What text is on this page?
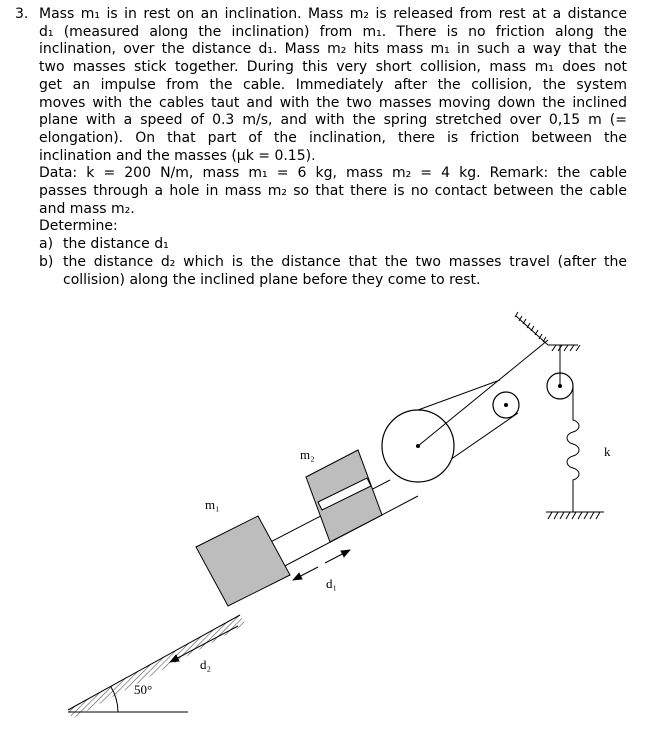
3. Mass m₁ is in rest on an inclination. Mass m₂ is released from rest at a distance
d₁ (measured along the inclination) from m₁. There is no friction along the
inclination, over the distance d₁. Mass m₂ hits mass m₁ in such a way that the
two masses stick together. During this very short collision, mass m₁ does not
get an impulse from the cable. Immediately after the collision, the system
moves with the cables taut and with the two masses moving down the inclined
plane with a speed of 0.3 m/s, and with the spring stretched over 0,15 m (=
elongation). On that part of the inclination, there is friction between the
inclination and the masses (μk = 0.15).
Data: k = 200 N/m, mass m₁ = 6 kg, mass m₂ = 4 kg. Remark: the cable
passes through a hole in mass m₂ so that there is no contact between the cable
and mass m₂.
Determine:
a) the distance d₁
b) the distance d₂ which is the distance that the two masses travel (after the
collision) along the inclined plane before they come to rest.
50°
d₂
m₁
m₂
d₁
k
